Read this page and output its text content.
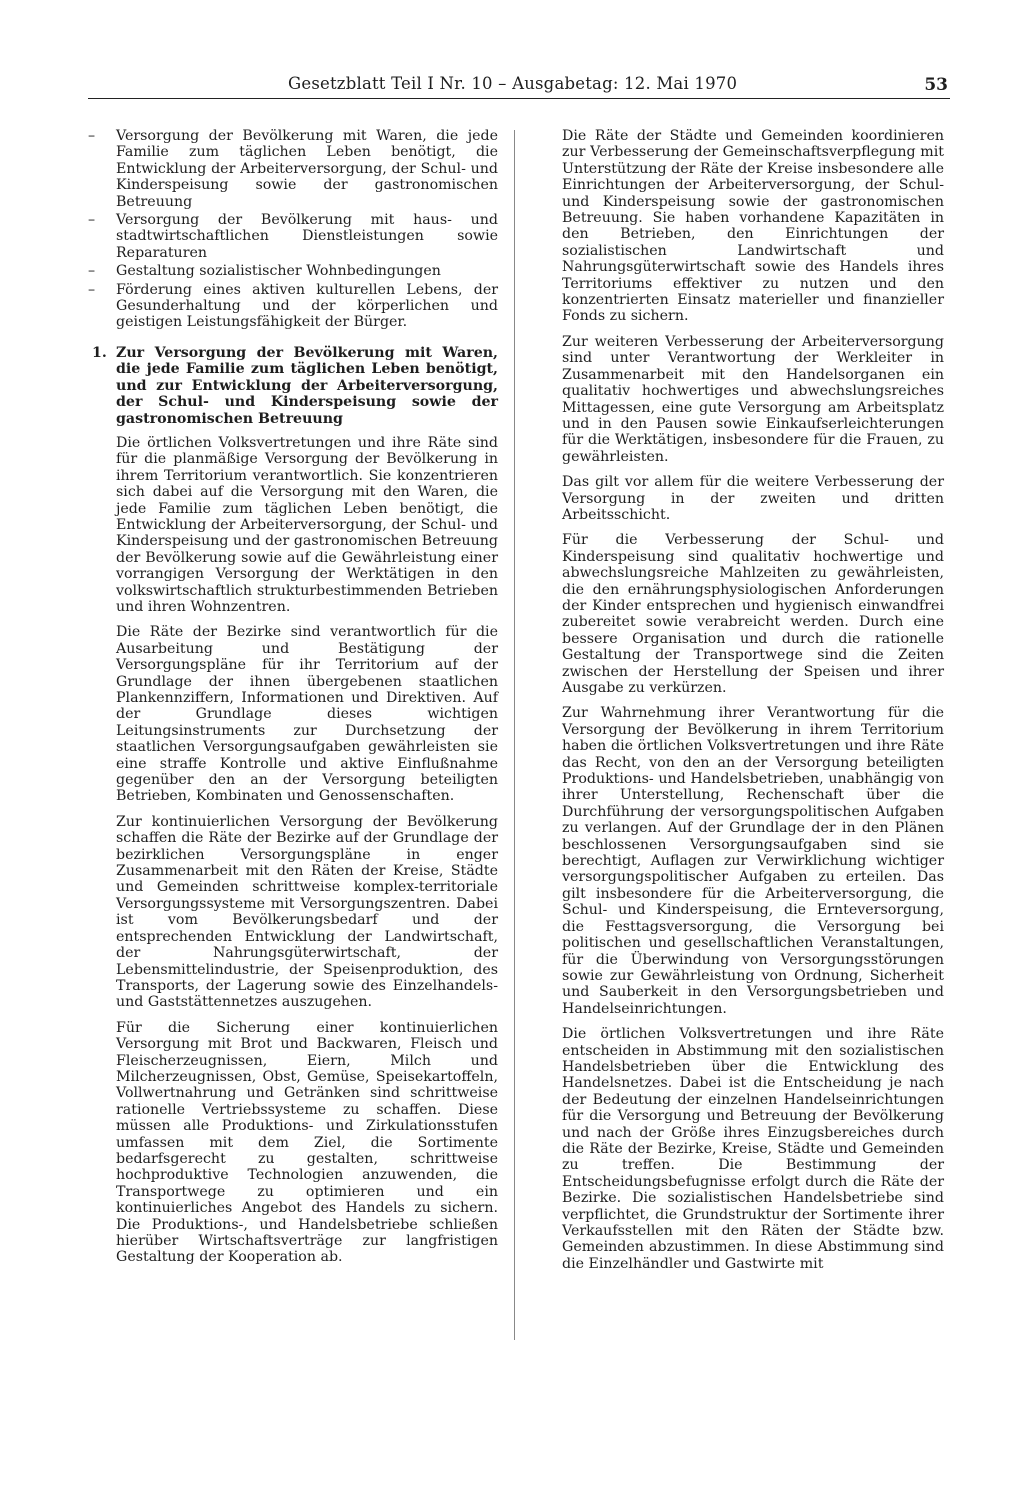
Gesetzblatt Teil I Nr. 10 – Ausgabetag: 12. Mai 1970	53
– Versorgung der Bevölkerung mit Waren, die jede Familie zum täglichen Leben benötigt, die Entwicklung der Arbeiterversorgung, der Schul- und Kinderspeisung sowie der gastronomischen Betreuung
– Versorgung der Bevölkerung mit haus- und stadtwirtschaftlichen Dienstleistungen sowie Reparaturen
– Gestaltung sozialistischer Wohnbedingungen
– Förderung eines aktiven kulturellen Lebens, der Gesunderhaltung und der körperlichen und geistigen Leistungsfähigkeit der Bürger.
1. Zur Versorgung der Bevölkerung mit Waren, die jede Familie zum täglichen Leben benötigt, und zur Entwicklung der Arbeiterversorgung, der Schul- und Kinderspeisung sowie der gastronomischen Betreuung

Die örtlichen Volksvertretungen und ihre Räte sind für die planmäßige Versorgung der Bevölkerung in ihrem Territorium verantwortlich. Sie konzentrieren sich dabei auf die Versorgung mit den Waren, die jede Familie zum täglichen Leben benötigt, die Entwicklung der Arbeiterversorgung, der Schul- und Kinderspeisung und der gastronomischen Betreuung der Bevölkerung sowie auf die Gewährleistung einer vorrangigen Versorgung der Werktätigen in den volkswirtschaftlich strukturbestimmenden Betrieben und ihren Wohnzentren.

Die Räte der Bezirke sind verantwortlich für die Ausarbeitung und Bestätigung der Versorgungspläne für ihr Territorium auf der Grundlage der ihnen übergebenen staatlichen Plankennziffern, Informationen und Direktiven. Auf der Grundlage dieses wichtigen Leitungsinstruments zur Durchsetzung der staatlichen Versorgungsaufgaben gewährleisten sie eine straffe Kontrolle und aktive Einflußnahme gegenüber den an der Versorgung beteiligten Betrieben, Kombinaten und Genossenschaften.

Zur kontinuierlichen Versorgung der Bevölkerung schaffen die Räte der Bezirke auf der Grundlage der bezirklichen Versorgungspläne in enger Zusammenarbeit mit den Räten der Kreise, Städte und Gemeinden schrittweise komplex-territoriale Versorgungssysteme mit Versorgungszentren. Dabei ist vom Bevölkerungsbedarf und der entsprechenden Entwicklung der Landwirtschaft, der Nahrungsgüterwirtschaft, der Lebensmittelindustrie, der Speisenproduktion, des Transports, der Lagerung sowie des Einzelhandels- und Gaststättennetzes auszugehen.

Für die Sicherung einer kontinuierlichen Versorgung mit Brot und Backwaren, Fleisch und Fleischerzeugnissen, Eiern, Milch und Milcherzeugnissen, Obst, Gemüse, Speisekartoffeln, Vollwertnahrung und Getränken sind schrittweise rationelle Vertriebssysteme zu schaffen. Diese müssen alle Produktions- und Zirkulationsstufen umfassen mit dem Ziel, die Sortimente bedarfsgerecht zu gestalten, schrittweise hochproduktive Technologien anzuwenden, die Transportwege zu optimieren und ein kontinuierliches Angebot des Handels zu sichern. Die Produktions-, und Handelsbetriebe schließen hierüber Wirtschaftsverträge zur langfristigen Gestaltung der Kooperation ab.

Die Räte der Städte und Gemeinden koordinieren zur Verbesserung der Gemeinschaftsverpflegung mit Unterstützung der Räte der Kreise insbesondere alle Einrichtungen der Arbeiterversorgung, der Schul- und Kinderspeisung sowie der gastronomischen Betreuung. Sie haben vorhandene Kapazitäten in den Betrieben, den Einrichtungen der sozialistischen Landwirtschaft und Nahrungsgüterwirtschaft sowie des Handels ihres Territoriums effektiver zu nutzen und den konzentrierten Einsatz materieller und finanzieller Fonds zu sichern.

Zur weiteren Verbesserung der Arbeiterversorgung sind unter Verantwortung der Werkleiter in Zusammenarbeit mit den Handelsorganen ein qualitativ hochwertiges und abwechslungsreiches Mittagessen, eine gute Versorgung am Arbeitsplatz und in den Pausen sowie Einkaufserleichterungen für die Werktätigen, insbesondere für die Frauen, zu gewährleisten.

Das gilt vor allem für die weitere Verbesserung der Versorgung in der zweiten und dritten Arbeitsschicht.

Für die Verbesserung der Schul- und Kinderspeisung sind qualitativ hochwertige und abwechslungsreiche Mahlzeiten zu gewährleisten, die den ernährungsphysiologischen Anforderungen der Kinder entsprechen und hygienisch einwandfrei zubereitet sowie verabreicht werden. Durch eine bessere Organisation und durch die rationelle Gestaltung der Transportwege sind die Zeiten zwischen der Herstellung der Speisen und ihrer Ausgabe zu verkürzen.

Zur Wahrnehmung ihrer Verantwortung für die Versorgung der Bevölkerung in ihrem Territorium haben die örtlichen Volksvertretungen und ihre Räte das Recht, von den an der Versorgung beteiligten Produktions- und Handelsbetrieben, unabhängig von ihrer Unterstellung, Rechenschaft über die Durchführung der versorgungspolitischen Aufgaben zu verlangen. Auf der Grundlage der in den Plänen beschlossenen Versorgungsaufgaben sind sie berechtigt, Auflagen zur Verwirklichung wichtiger versorgungspolitischer Aufgaben zu erteilen. Das gilt insbesondere für die Arbeiterversorgung, die Schul- und Kinderspeisung, die Ernteversorgung, die Festtagsversorgung, die Versorgung bei politischen und gesellschaftlichen Veranstaltungen, für die Überwindung von Versorgungsstörungen sowie zur Gewährleistung von Ordnung, Sicherheit und Sauberkeit in den Versorgungsbetrieben und Handelseinrichtungen.

Die örtlichen Volksvertretungen und ihre Räte entscheiden in Abstimmung mit den sozialistischen Handelsbetrieben über die Entwicklung des Handelsnetzes. Dabei ist die Entscheidung je nach der Bedeutung der einzelnen Handelseinrichtungen für die Versorgung und Betreuung der Bevölkerung und nach der Größe ihres Einzugsbereiches durch die Räte der Bezirke, Kreise, Städte und Gemeinden zu treffen. Die Bestimmung der Entscheidungsbefugnisse erfolgt durch die Räte der Bezirke. Die sozialistischen Handelsbetriebe sind verpflichtet, die Grundstruktur der Sortimente ihrer Verkaufsstellen mit den Räten der Städte bzw. Gemeinden abzustimmen. In diese Abstimmung sind die Einzelhändler und Gastwirte mit
